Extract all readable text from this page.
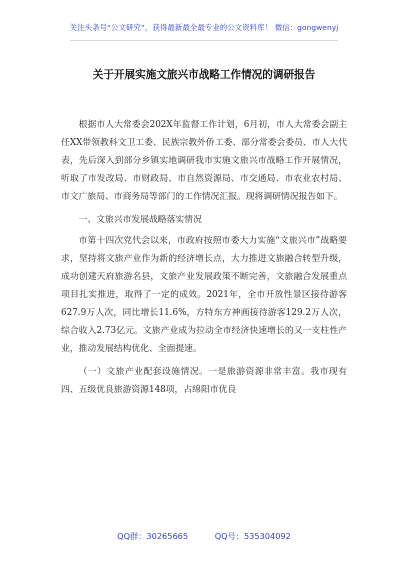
关注头条号“公文研究”，获得最新最全最专业的公文资料库！ 微信：gongwenyj
关于开展实施文旅兴市战略工作情况的调研报告

根据市人大常委会202X年监督工作计划，6月初，市人大常委会副主任XX带领教科文卫工委、民族宗教外侨工委、部分常委会委员、市人大代表，先后深入到部分乡镇实地调研我市实施文旅兴市战略工作开展情况，听取了市发改局、市财政局、市自然资源局、市交通局、市农业农村局、市文广旅局、市商务局等部门的工作情况汇报。现将调研情况报告如下。

一、文旅兴市发展战略落实情况

市第十四次党代会以来，市政府按照市委大力实施“文旅兴市”战略要求，坚持将文旅产业作为新的经济增长点，大力推进文旅融合转型升级，成功创建天府旅游名县，文旅产业发展政策不断完善，文旅融合发展重点项目扎实推进，取得了一定的成效。2021年，全市开放性景区接待游客627.9万人次，同比增长11.6%，方特东方神画接待游客129.2万人次，综合收入2.73亿元。文旅产业成为拉动全市经济快速增长的又一支柱性产业，推动发展结构优化、全面提速。

（一）文旅产业配套设施情况。一是旅游资源非常丰富。我市现有四、五级优良旅游资源148项，占绵阳市优良

QQ群：30265665	QQ号：535304092
